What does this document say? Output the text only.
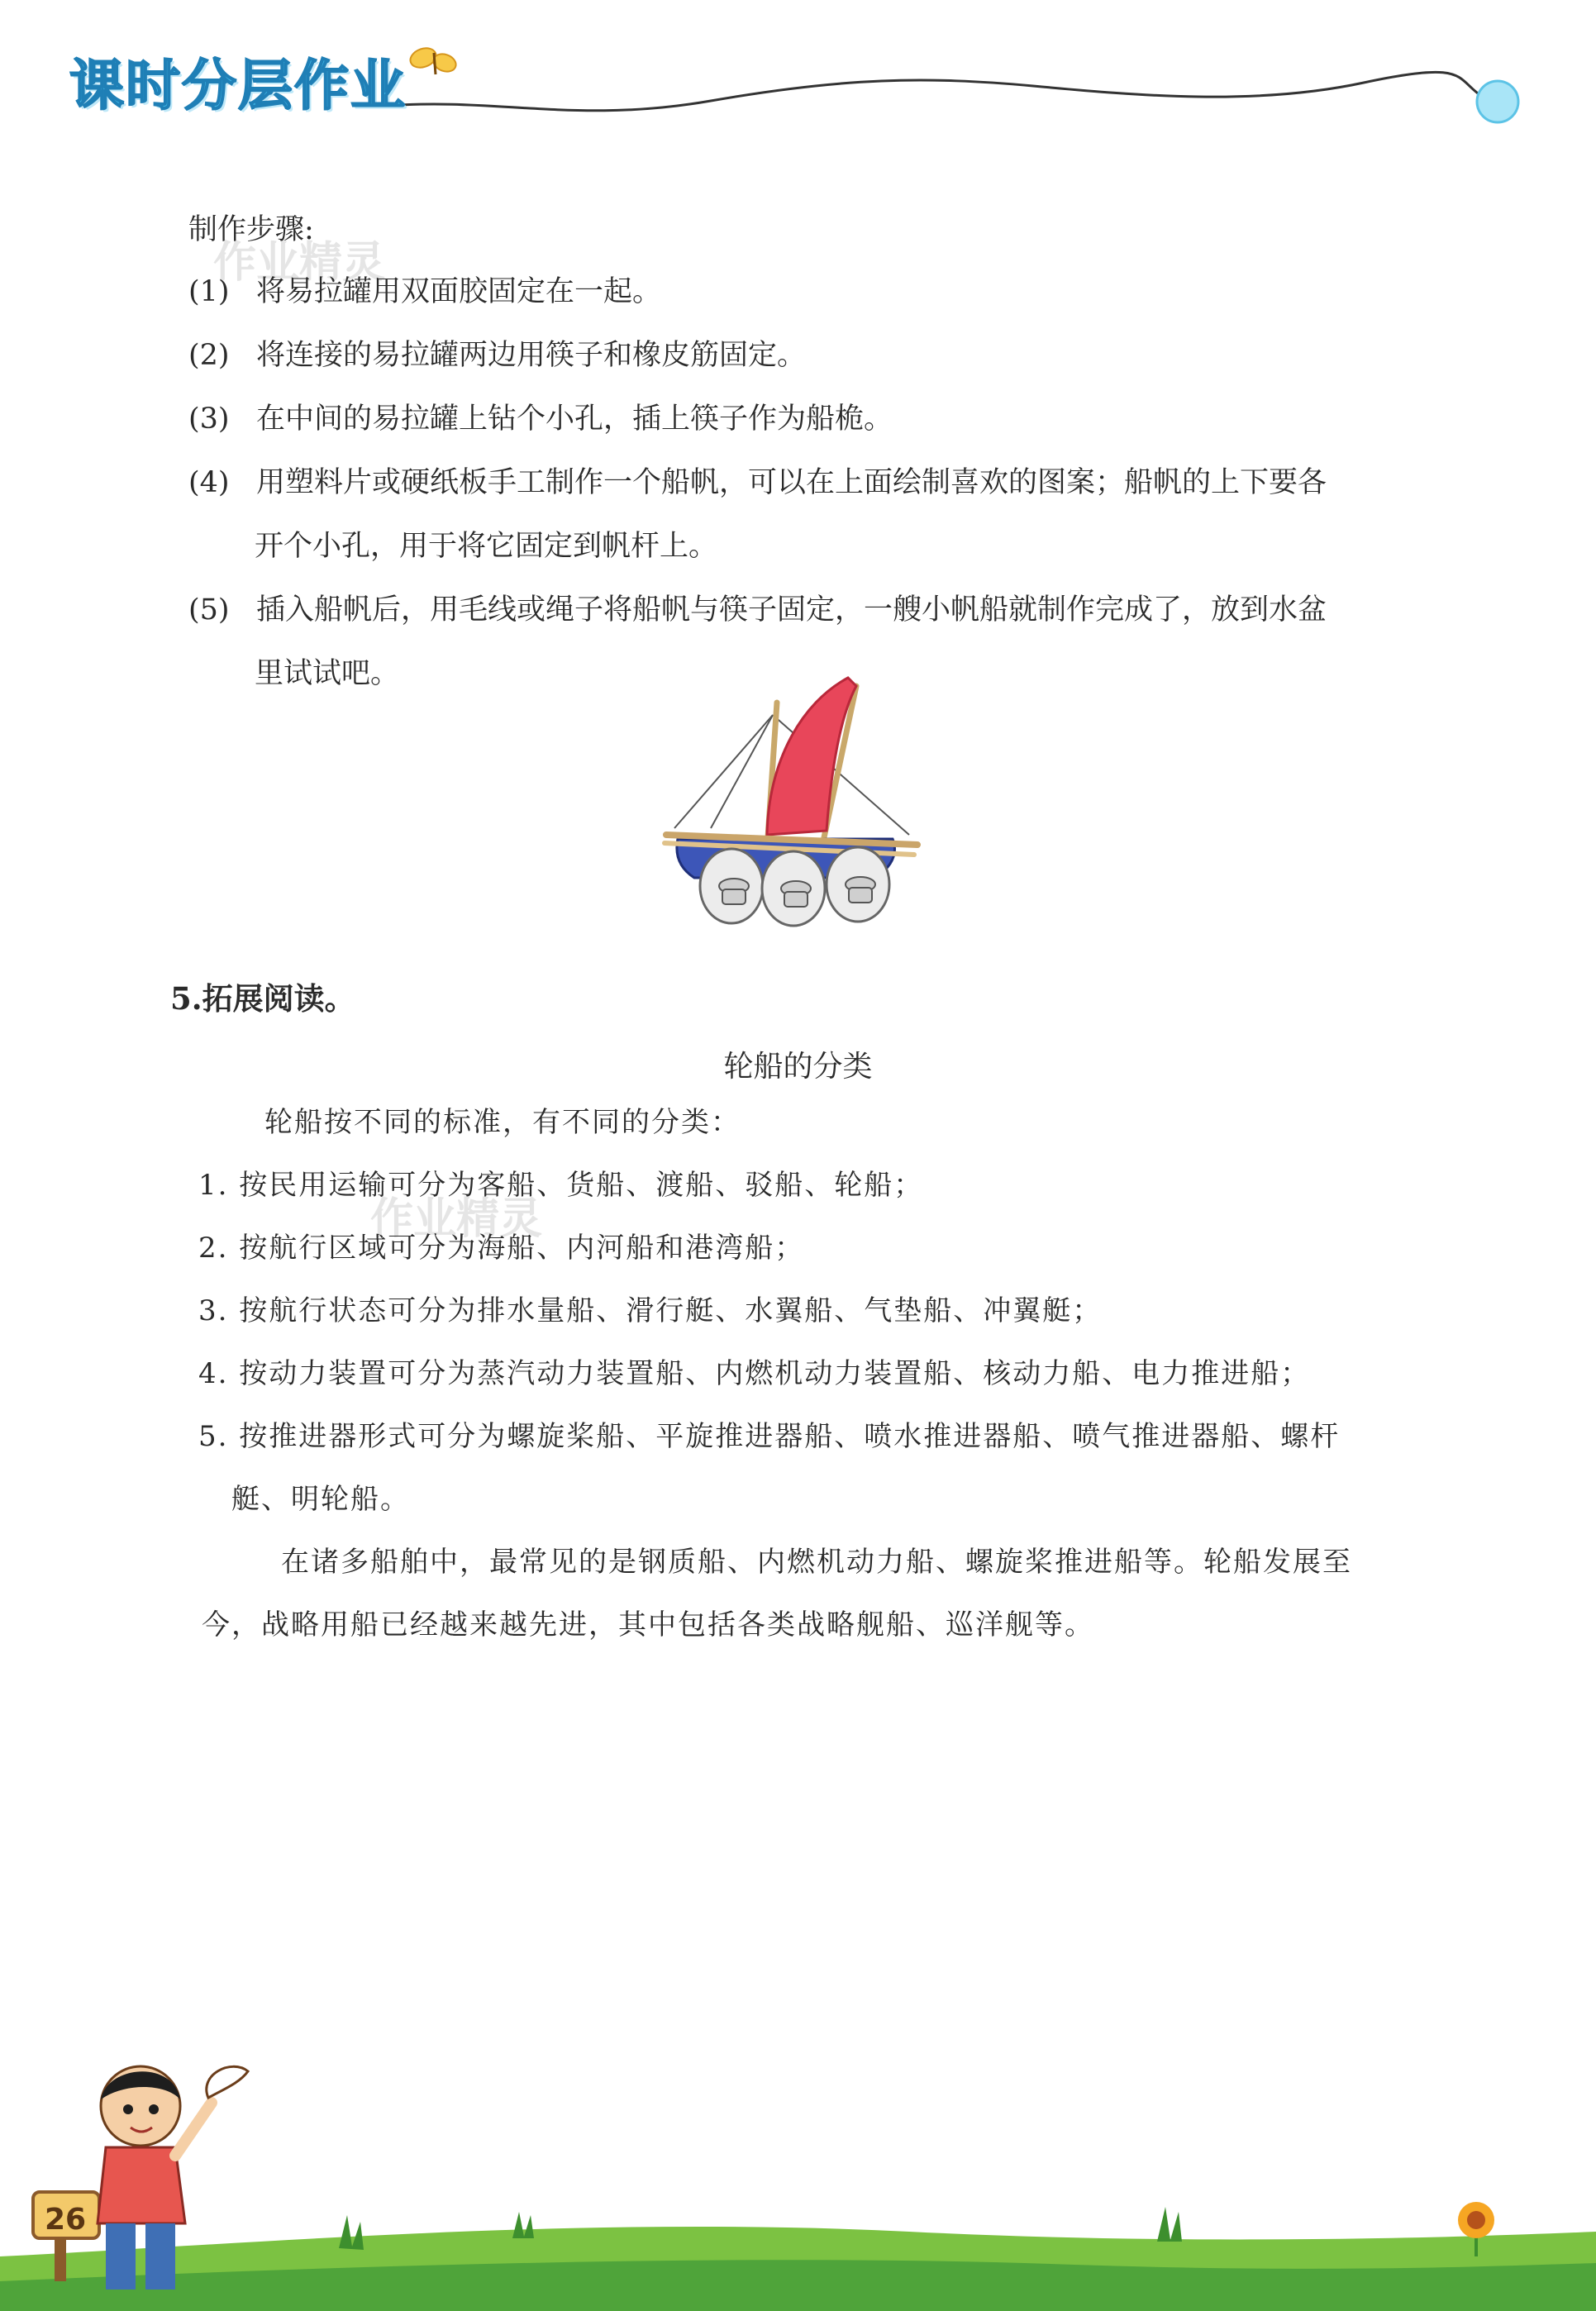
课时分层作业
作业精灵
作业精灵
制作步骤:
(1) 将易拉罐用双面胶固定在一起。
(2) 将连接的易拉罐两边用筷子和橡皮筋固定。
(3) 在中间的易拉罐上钻个小孔，插上筷子作为船桅。
(4) 用塑料片或硬纸板手工制作一个船帆，可以在上面绘制喜欢的图案；船帆的上下要各
开个小孔，用于将它固定到帆杆上。
(5) 插入船帆后，用毛线或绳子将船帆与筷子固定，一艘小帆船就制作完成了，放到水盆
里试试吧。
5.拓展阅读。
轮船的分类
轮船按不同的标准，有不同的分类：
1. 按民用运输可分为客船、货船、渡船、驳船、轮船；
2. 按航行区域可分为海船、内河船和港湾船；
3. 按航行状态可分为排水量船、滑行艇、水翼船、气垫船、冲翼艇；
4. 按动力装置可分为蒸汽动力装置船、内燃机动力装置船、核动力船、电力推进船；
5. 按推进器形式可分为螺旋桨船、平旋推进器船、喷水推进器船、喷气推进器船、螺杆
艇、明轮船。
在诸多船舶中，最常见的是钢质船、内燃机动力船、螺旋桨推进船等。轮船发展至
今，战略用船已经越来越先进，其中包括各类战略舰船、巡洋舰等。
26
